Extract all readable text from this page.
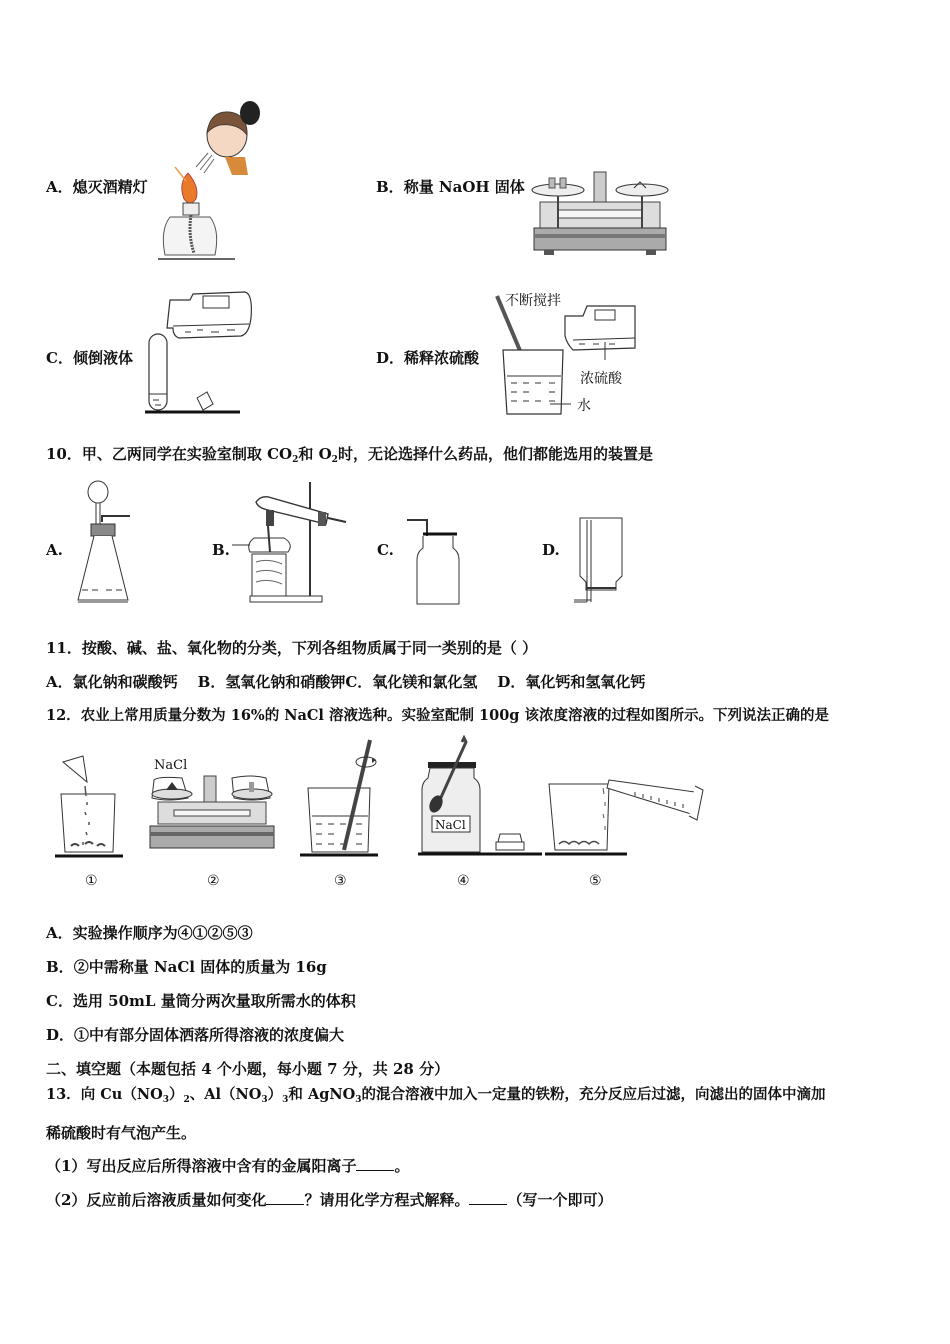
A．熄灭酒精灯	B．称量 NaOH 固体
C．倾倒液体	D．稀释浓硫酸
不断搅拌
浓硫酸
水
10．甲、乙两同学在实验室制取 $CO_2$和 $O_2$时，无论选择什么药品，他们都能选用的装置是
A.	B.	C.	D.
11．按酸、碱、盐、氧化物的分类，下列各组物质属于同一类别的是（ ）
A．氯化钠和碳酸钙 B．氢氧化钠和硝酸钾C．氧化镁和氯化氢 D．氧化钙和氢氧化钙
12．农业上常用质量分数为 16%的 NaCl 溶液选种。实验室配制 100g 该浓度溶液的过程如图所示。下列说法正确的是
①
NaCl
②	③
NaCl
④	⑤
A．实验操作顺序为④①②⑤③
B．②中需称量 NaCl 固体的质量为 16g
C．选用 50mL 量筒分两次量取所需水的体积
D．①中有部分固体洒落所得溶液的浓度偏大
二、填空题（本题包括 4 个小题，每小题 7 分，共 28 分）
13．向 $Cu(NO_3)_2$、$Al(NO_3)_3$和 AgNO$_3$的混合溶液中加入一定量的铁粉，充分反应后过滤，向滤出的固体中滴加
稀硫酸时有气泡产生。
（1）写出反应后所得溶液中含有的金属阳离子	。
（2）反应前后溶液质量如何变化	？请用化学方程式解释。	（写一个即可）
